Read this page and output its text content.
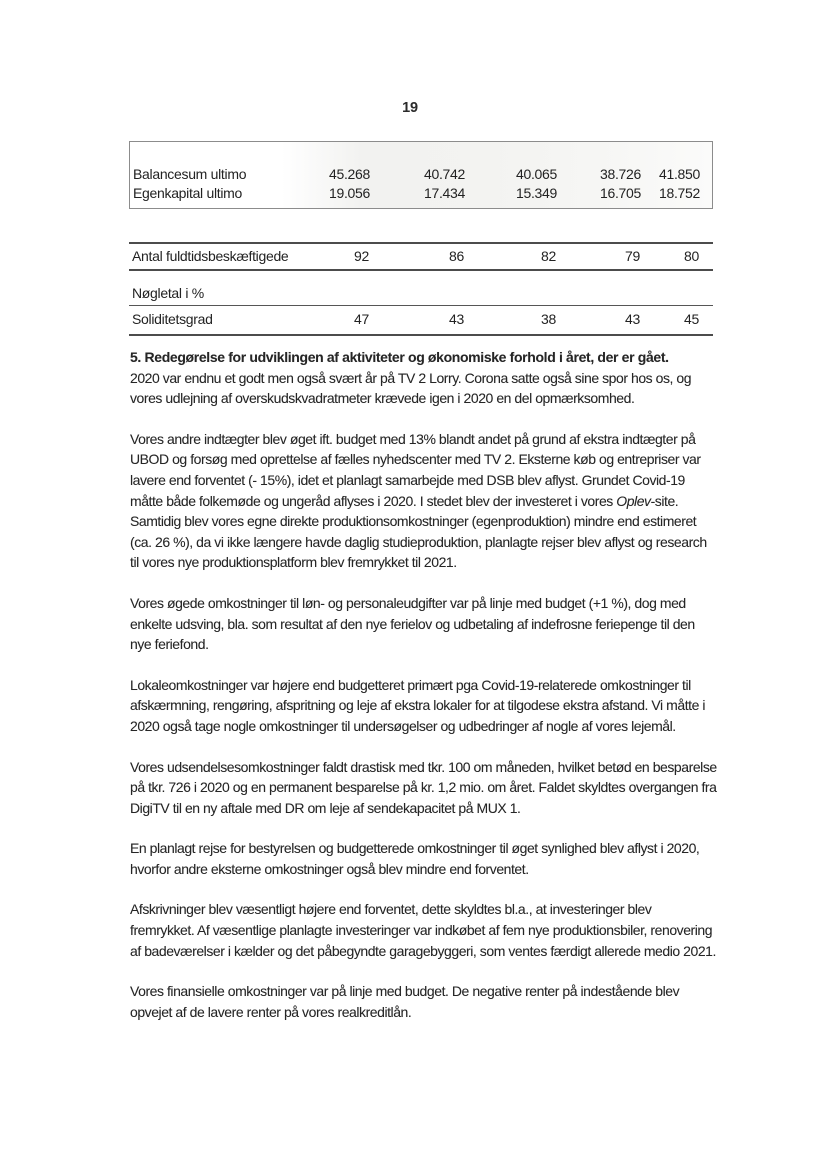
19
Balancesum ultimo	45.268	40.742	40.065	38.726	41.850
Egenkapital ultimo	19.056	17.434	15.349	16.705	18.752
Antal fuldtidsbeskæftigede	92	86	82	79	80
Nøgletal i %
Soliditetsgrad	47	43	38	43	45

5. Redegørelse for udviklingen af aktiviteter og økonomiske forhold i året, der er gået.

2020 var endnu et godt men også svært år på TV 2 Lorry. Corona satte også sine spor hos os, og vores udlejning af overskudskvadratmeter krævede igen i 2020 en del opmærksomhed.

Vores andre indtægter blev øget ift. budget med 13% blandt andet på grund af ekstra indtægter på UBOD og forsøg med oprettelse af fælles nyhedscenter med TV 2. Eksterne køb og entrepriser var lavere end forventet (- 15%), idet et planlagt samarbejde med DSB blev aflyst. Grundet Covid-19 måtte både folkemøde og ungeråd aflyses i 2020. I stedet blev der investeret i vores Oplev-site. Samtidig blev vores egne direkte produktionsomkostninger (egenproduktion) mindre end estimeret (ca. 26 %), da vi ikke længere havde daglig studieproduktion, planlagte rejser blev aflyst og research til vores nye produktionsplatform blev fremrykket til 2021.

Vores øgede omkostninger til løn- og personaleudgifter var på linje med budget (+1 %), dog med enkelte udsving, bla. som resultat af den nye ferielov og udbetaling af indefrosne feriepenge til den nye feriefond.

Lokaleomkostninger var højere end budgetteret primært pga Covid-19-relaterede omkostninger til afskærmning, rengøring, afspritning og leje af ekstra lokaler for at tilgodese ekstra afstand. Vi måtte i 2020 også tage nogle omkostninger til undersøgelser og udbedringer af nogle af vores lejemål.

Vores udsendelsesomkostninger faldt drastisk med tkr. 100 om måneden, hvilket betød en besparelse på tkr. 726 i 2020 og en permanent besparelse på kr. 1,2 mio. om året. Faldet skyldtes overgangen fra DigiTV til en ny aftale med DR om leje af sendekapacitet på MUX 1.

En planlagt rejse for bestyrelsen og budgetterede omkostninger til øget synlighed blev aflyst i 2020, hvorfor andre eksterne omkostninger også blev mindre end forventet.

Afskrivninger blev væsentligt højere end forventet, dette skyldtes bl.a., at investeringer blev fremrykket. Af væsentlige planlagte investeringer var indkøbet af fem nye produktionsbiler, renovering af badeværelser i kælder og det påbegyndte garagebyggeri, som ventes færdigt allerede medio 2021.

Vores finansielle omkostninger var på linje med budget. De negative renter på indestående blev opvejet af de lavere renter på vores realkreditlån.
